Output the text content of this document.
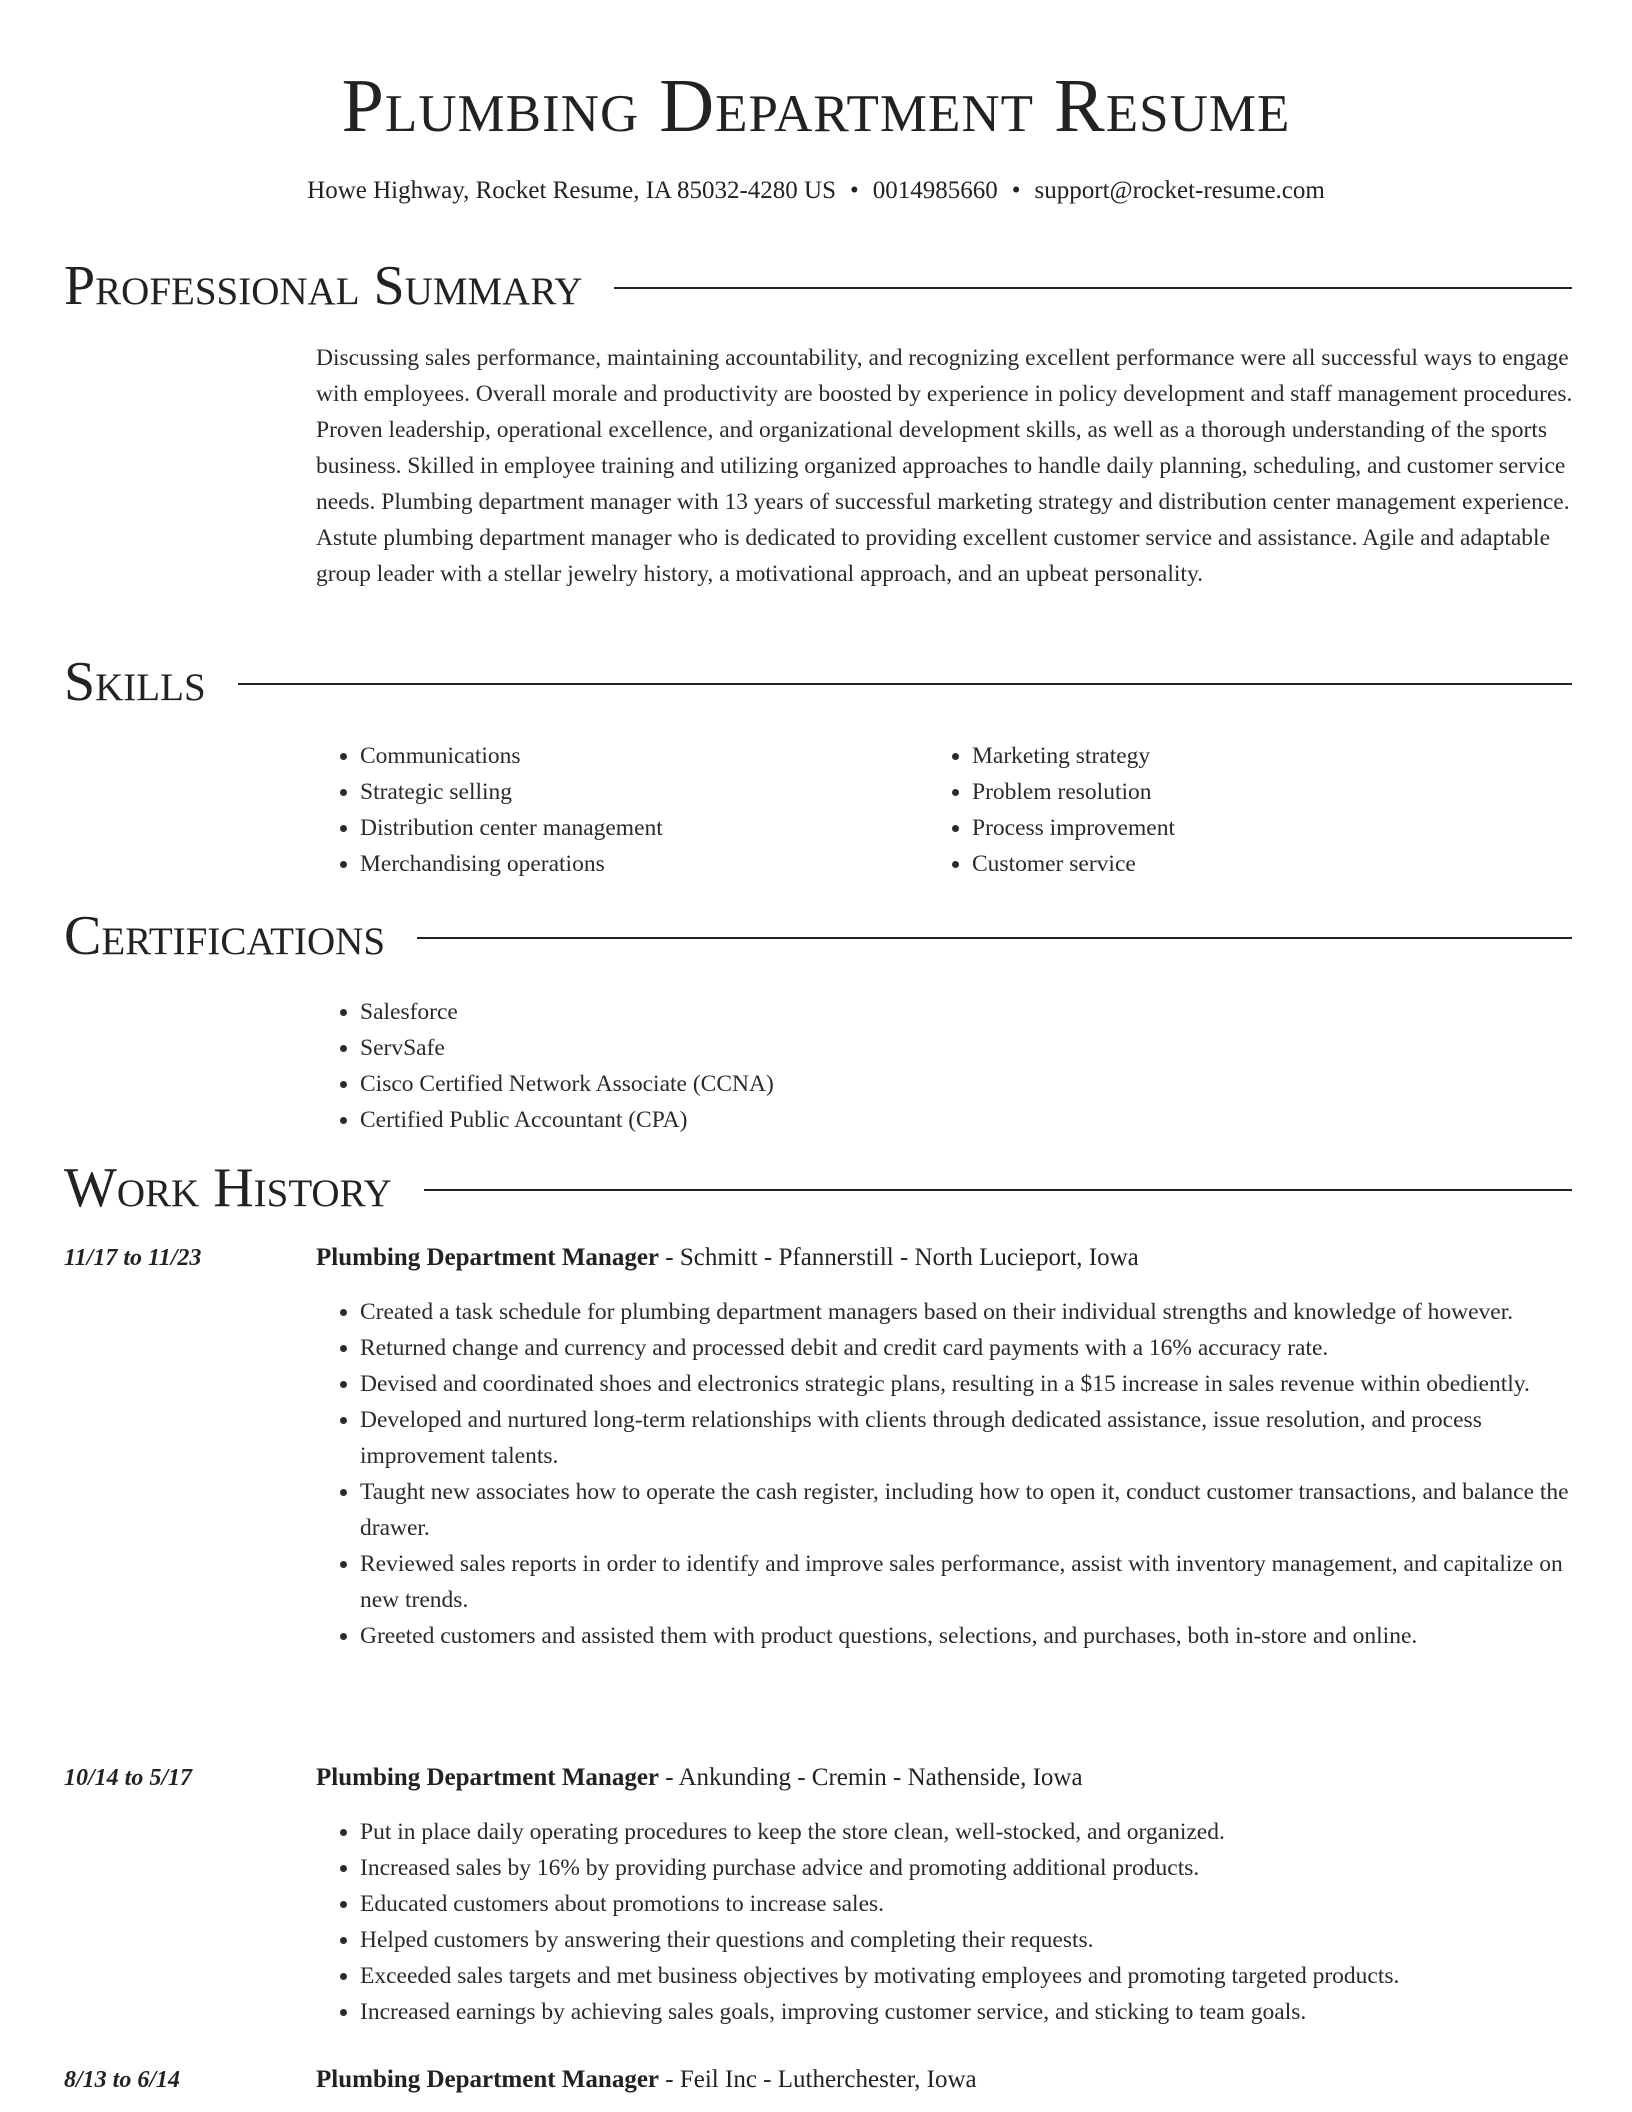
Plumbing Department Resume
Howe Highway, Rocket Resume, IA 85032-4280 US • 0014985660 • support@rocket-resume.com
Professional Summary
Discussing sales performance, maintaining accountability, and recognizing excellent performance were all successful ways to engage with employees. Overall morale and productivity are boosted by experience in policy development and staff management procedures. Proven leadership, operational excellence, and organizational development skills, as well as a thorough understanding of the sports business. Skilled in employee training and utilizing organized approaches to handle daily planning, scheduling, and customer service needs. Plumbing department manager with 13 years of successful marketing strategy and distribution center management experience. Astute plumbing department manager who is dedicated to providing excellent customer service and assistance. Agile and adaptable group leader with a stellar jewelry history, a motivational approach, and an upbeat personality.
Skills
• Communications
• Strategic selling
• Distribution center management
• Merchandising operations
• Marketing strategy
• Problem resolution
• Process improvement
• Customer service
Certifications
• Salesforce
• ServSafe
• Cisco Certified Network Associate (CCNA)
• Certified Public Accountant (CPA)
Work History
11/17 to 11/23	Plumbing Department Manager - Schmitt - Pfannerstill - North Lucieport, Iowa
• Created a task schedule for plumbing department managers based on their individual strengths and knowledge of however.
• Returned change and currency and processed debit and credit card payments with a 16% accuracy rate.
• Devised and coordinated shoes and electronics strategic plans, resulting in a $15 increase in sales revenue within obediently.
• Developed and nurtured long-term relationships with clients through dedicated assistance, issue resolution, and process improvement talents.
• Taught new associates how to operate the cash register, including how to open it, conduct customer transactions, and balance the drawer.
• Reviewed sales reports in order to identify and improve sales performance, assist with inventory management, and capitalize on new trends.
• Greeted customers and assisted them with product questions, selections, and purchases, both in-store and online.
10/14 to 5/17	Plumbing Department Manager - Ankunding - Cremin - Nathenside, Iowa
• Put in place daily operating procedures to keep the store clean, well-stocked, and organized.
• Increased sales by 16% by providing purchase advice and promoting additional products.
• Educated customers about promotions to increase sales.
• Helped customers by answering their questions and completing their requests.
• Exceeded sales targets and met business objectives by motivating employees and promoting targeted products.
• Increased earnings by achieving sales goals, improving customer service, and sticking to team goals.
8/13 to 6/14	Plumbing Department Manager - Feil Inc - Lutherchester, Iowa
